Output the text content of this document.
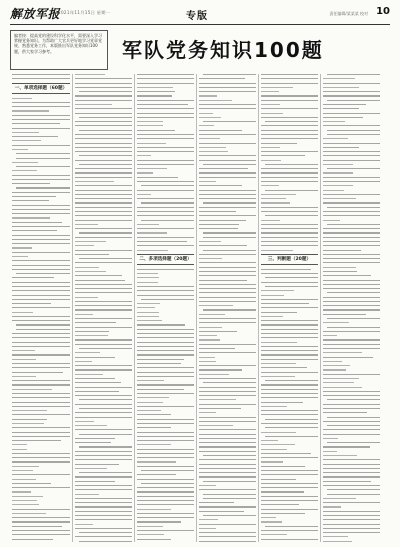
解放军报
2021年11月15日 星期一	专版	责任编辑/某某某 校对 10
编者按：提高党的建设科学化水平，需要深入学习掌握党务知识。为帮助广大官兵更好地学习党章党规、熟悉党务工作，本版推出军队党务知识100题，供大家学习参考。	军队党务知识100题
一、单项选择题（60题）
二、多项选择题（20题）	三、判断题（20题）
